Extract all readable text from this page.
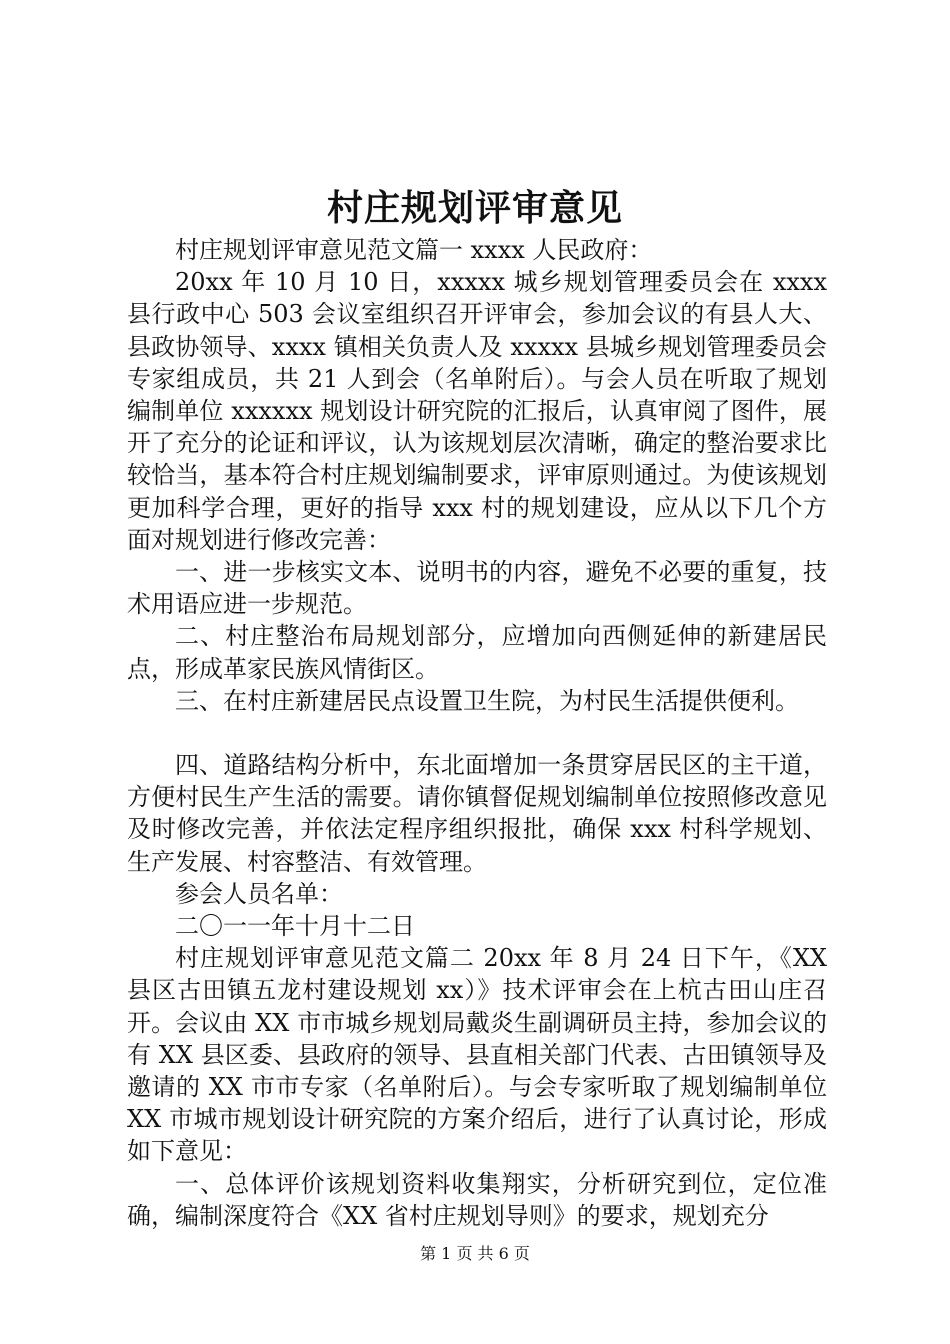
村庄规划评审意见

村庄规划评审意见范文篇一 xxxx 人民政府：

20xx 年 10 月 10 日，xxxxx 城乡规划管理委员会在 xxxx 县行政中心 503 会议室组织召开评审会，参加会议的有县人大、县政协领导、xxxx 镇相关负责人及 xxxxx 县城乡规划管理委员会专家组成员，共 21 人到会（名单附后）。与会人员在听取了规划编制单位 xxxxxx 规划设计研究院的汇报后，认真审阅了图件，展开了充分的论证和评议，认为该规划层次清晰，确定的整治要求比较恰当，基本符合村庄规划编制要求，评审原则通过。为使该规划更加科学合理，更好的指导 xxx 村的规划建设，应从以下几个方面对规划进行修改完善：

一、进一步核实文本、说明书的内容，避免不必要的重复，技术用语应进一步规范。

二、村庄整治布局规划部分，应增加向西侧延伸的新建居民点，形成革家民族风情街区。

三、在村庄新建居民点设置卫生院，为村民生活提供便利。

四、道路结构分析中，东北面增加一条贯穿居民区的主干道，方便村民生产生活的需要。请你镇督促规划编制单位按照修改意见及时修改完善，并依法定程序组织报批，确保 xxx 村科学规划、生产发展、村容整洁、有效管理。

参会人员名单：

二〇一一年十月十二日

村庄规划评审意见范文篇二 20xx 年 8 月 24 日下午，《XX 县区古田镇五龙村建设规划 xx）》技术评审会在上杭古田山庄召开。会议由 XX 市市城乡规划局戴炎生副调研员主持，参加会议的有 XX 县区委、县政府的领导、县直相关部门代表、古田镇领导及邀请的 XX 市市专家（名单附后）。与会专家听取了规划编制单位 XX 市城市规划设计研究院的方案介绍后，进行了认真讨论，形成如下意见：

一、总体评价该规划资料收集翔实，分析研究到位，定位准确，编制深度符合《XX 省村庄规划导则》的要求，规划充分

第 1 页 共 6 页
